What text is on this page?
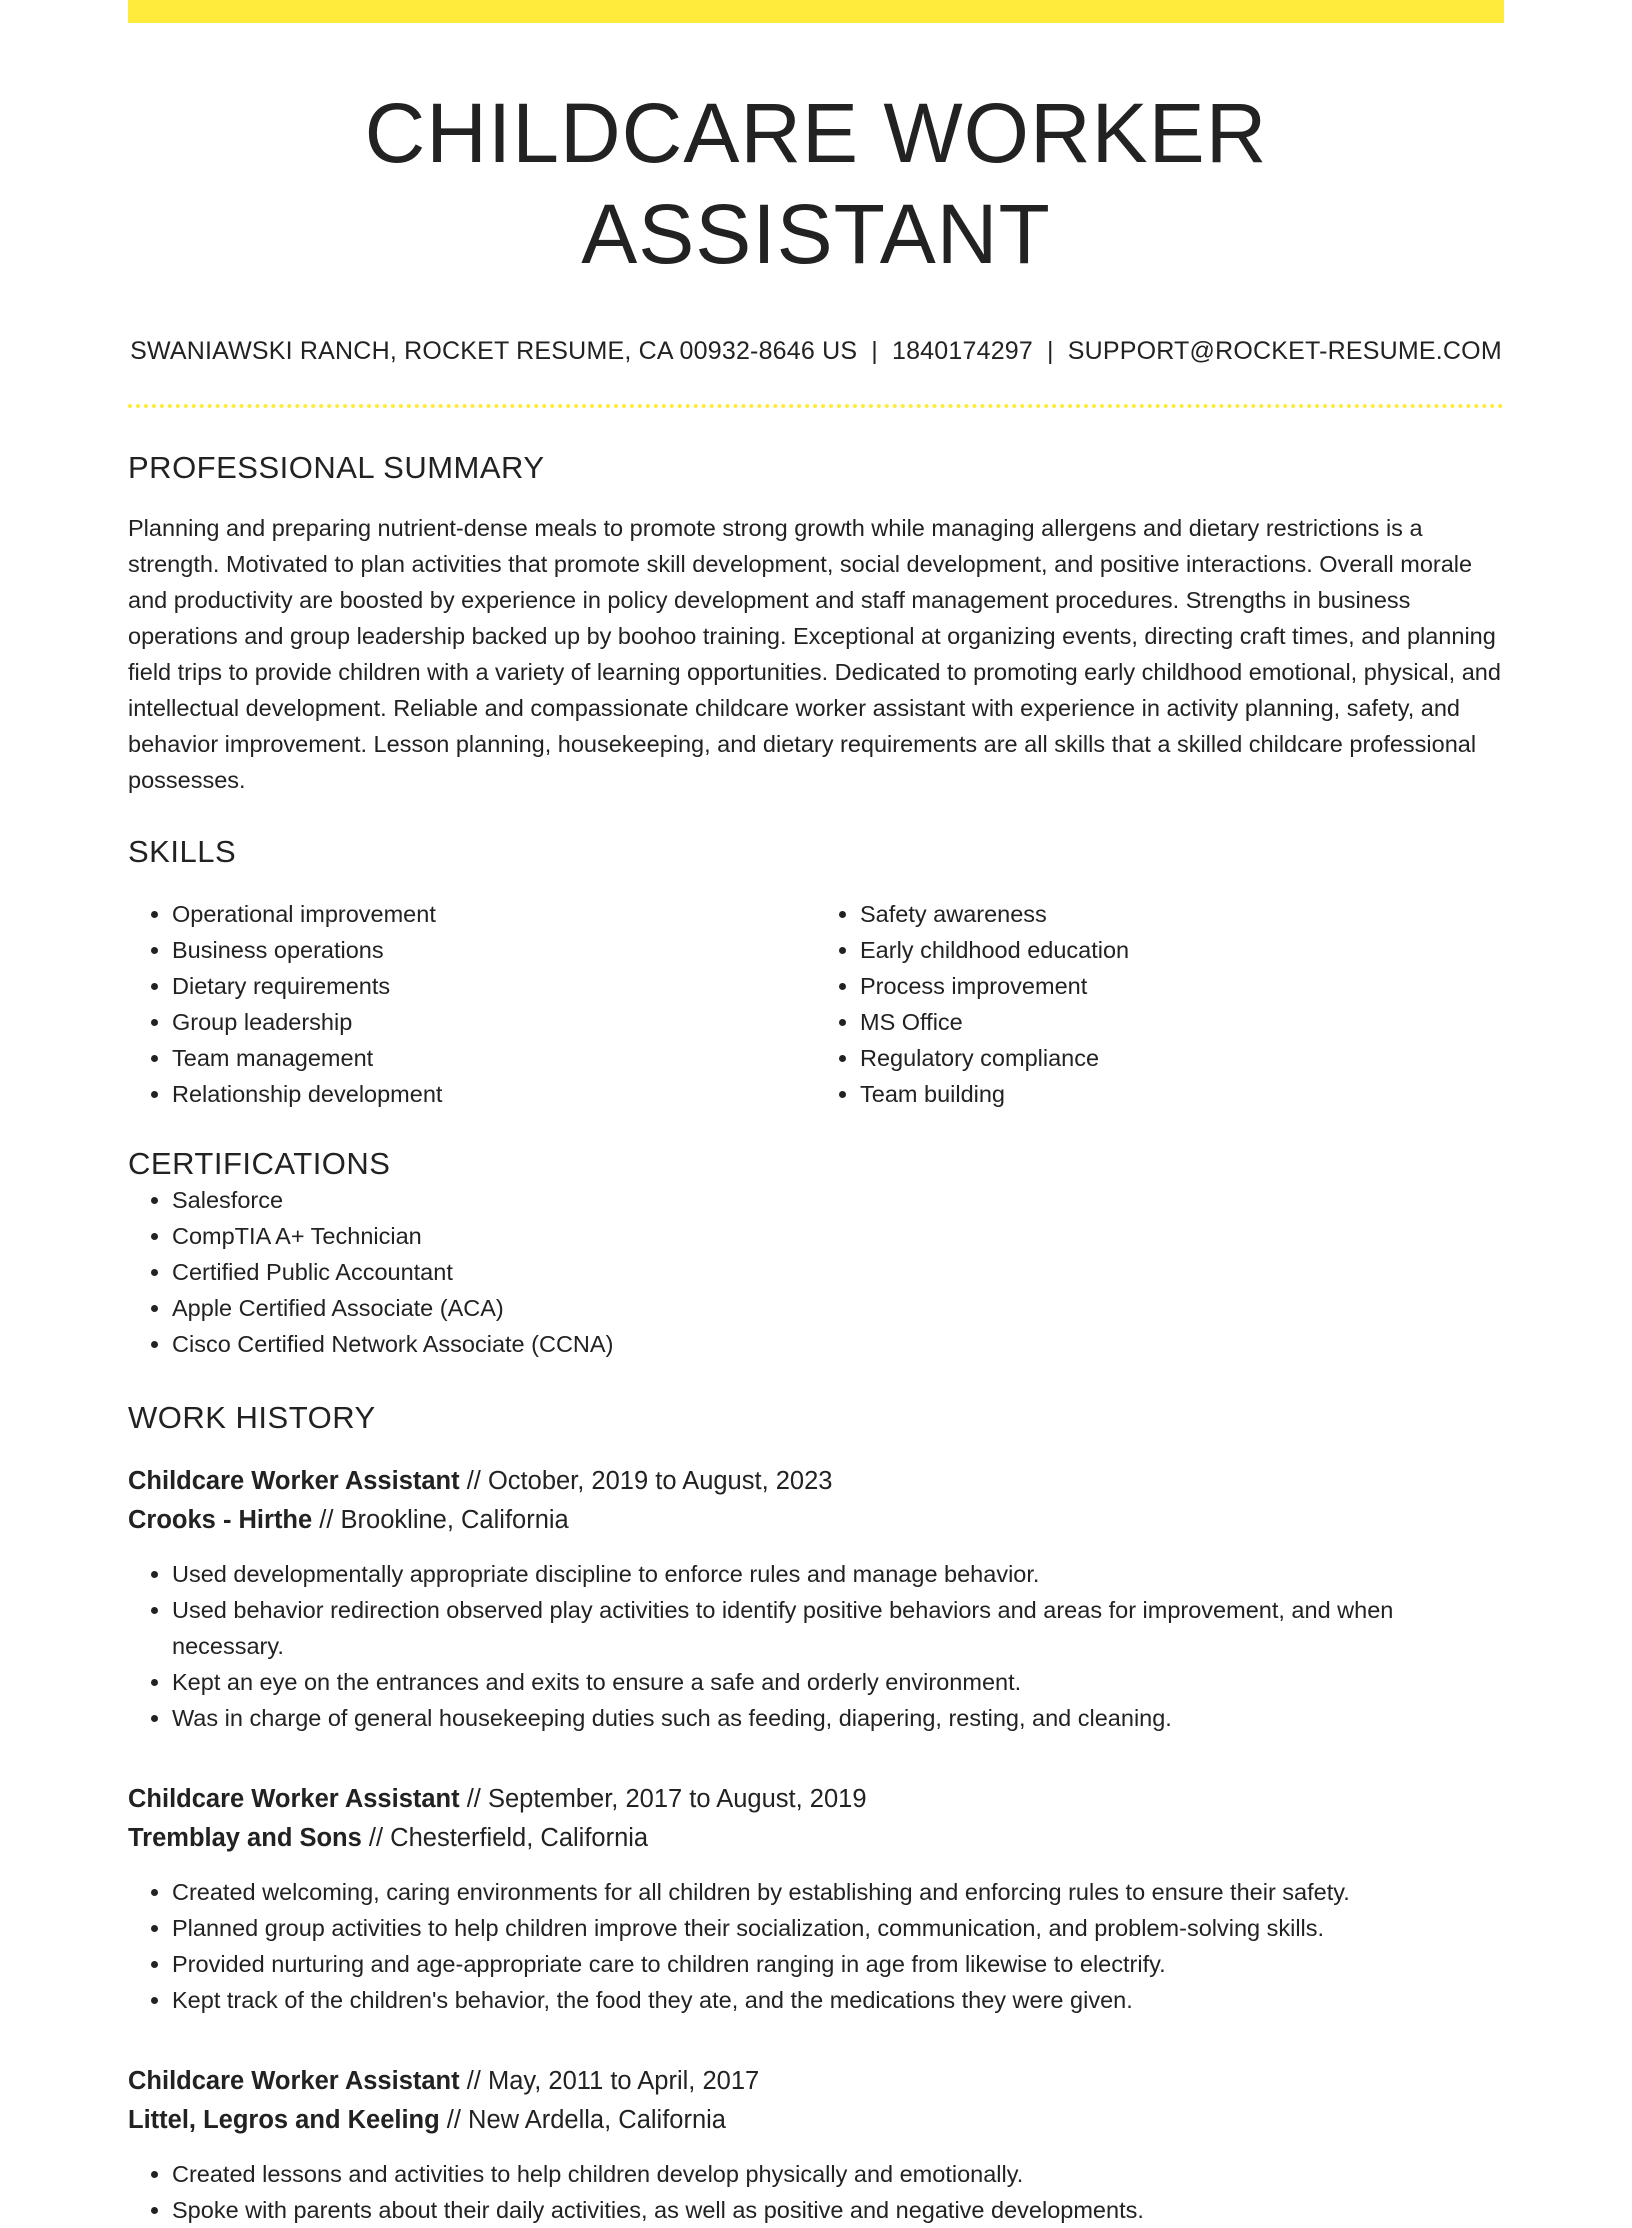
CHILDCARE WORKER ASSISTANT
SWANIAWSKI RANCH, ROCKET RESUME, CA 00932-8646 US | 1840174297 | SUPPORT@ROCKET-RESUME.COM
PROFESSIONAL SUMMARY

Planning and preparing nutrient-dense meals to promote strong growth while managing allergens and dietary restrictions is a strength. Motivated to plan activities that promote skill development, social development, and positive interactions. Overall morale and productivity are boosted by experience in policy development and staff management procedures. Strengths in business operations and group leadership backed up by boohoo training. Exceptional at organizing events, directing craft times, and planning field trips to provide children with a variety of learning opportunities. Dedicated to promoting early childhood emotional, physical, and intellectual development. Reliable and compassionate childcare worker assistant with experience in activity planning, safety, and behavior improvement. Lesson planning, housekeeping, and dietary requirements are all skills that a skilled childcare professional possesses.

SKILLS
• Operational improvement
• Business operations
• Dietary requirements
• Group leadership
• Team management
• Relationship development
• Safety awareness
• Early childhood education
• Process improvement
• MS Office
• Regulatory compliance
• Team building
CERTIFICATIONS
• Salesforce
• CompTIA A+ Technician
• Certified Public Accountant
• Apple Certified Associate (ACA)
• Cisco Certified Network Associate (CCNA)
WORK HISTORY
Childcare Worker Assistant // October, 2019 to August, 2023
Crooks - Hirthe // Brookline, California
• Used developmentally appropriate discipline to enforce rules and manage behavior.
• Used behavior redirection observed play activities to identify positive behaviors and areas for improvement, and when necessary.
• Kept an eye on the entrances and exits to ensure a safe and orderly environment.
• Was in charge of general housekeeping duties such as feeding, diapering, resting, and cleaning.
Childcare Worker Assistant // September, 2017 to August, 2019
Tremblay and Sons // Chesterfield, California
• Created welcoming, caring environments for all children by establishing and enforcing rules to ensure their safety.
• Planned group activities to help children improve their socialization, communication, and problem-solving skills.
• Provided nurturing and age-appropriate care to children ranging in age from likewise to electrify.
• Kept track of the children's behavior, the food they ate, and the medications they were given.
Childcare Worker Assistant // May, 2011 to April, 2017
Littel, Legros and Keeling // New Ardella, California
• Created lessons and activities to help children develop physically and emotionally.
• Spoke with parents about their daily activities, as well as positive and negative developments.
